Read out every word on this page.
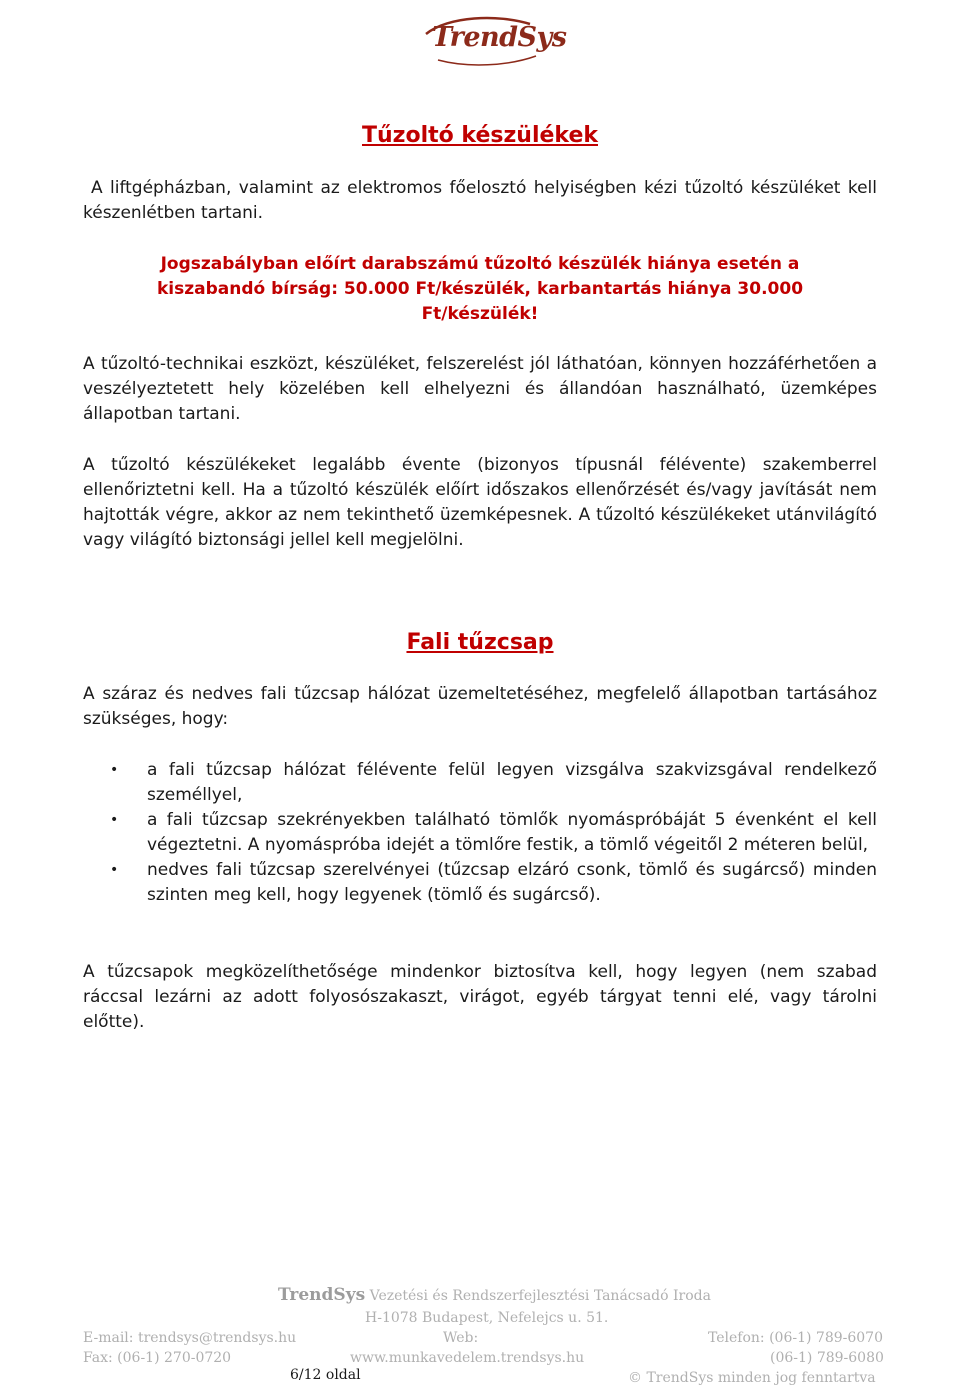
TrendSys
Tűzoltó készülékek
A liftgépházban, valamint az elektromos főelosztó helyiségben kézi tűzoltó készüléket kell készenlétben tartani.
Jogszabályban előírt darabszámú tűzoltó készülék hiánya esetén a kiszabandó bírság: 50.000 Ft/készülék, karbantartás hiánya 30.000 Ft/készülék!
A tűzoltó-technikai eszközt, készüléket, felszerelést jól láthatóan, könnyen hozzáférhetően a veszélyeztetett hely közelében kell elhelyezni és állandóan használható, üzemképes állapotban tartani.
A tűzoltó készülékeket legalább évente (bizonyos típusnál félévente) szakemberrel ellenőriztetni kell. Ha a tűzoltó készülék előírt időszakos ellenőrzését és/vagy javítását nem hajtották végre, akkor az nem tekinthető üzemképesnek. A tűzoltó készülékeket utánvilágító vagy világító biztonsági jellel kell megjelölni.
Fali tűzcsap
A száraz és nedves fali tűzcsap hálózat üzemeltetéséhez, megfelelő állapotban tartásához szükséges, hogy:
•	a fali tűzcsap hálózat félévente felül legyen vizsgálva szakvizsgával rendelkező személlyel,
•	a fali tűzcsap szekrényekben található tömlők nyomáspróbáját 5 évenként el kell végeztetni. A nyomáspróba idejét a tömlőre festik, a tömlő végeitől 2 méteren belül,
•	nedves fali tűzcsap szerelvényei (tűzcsap elzáró csonk, tömlő és sugárcső) minden szinten meg kell, hogy legyenek (tömlő és sugárcső).
A tűzcsapok megközelíthetősége mindenkor biztosítva kell, hogy legyen (nem szabad ráccsal lezárni az adott folyosószakaszt, virágot, egyéb tárgyat tenni elé, vagy tárolni előtte).
TrendSys Vezetési és Rendszerfejlesztési Tanácsadó Iroda
H-1078 Budapest, Nefelejcs u. 51.
E-mail: trendsys@trendsys.hu	Web:	Telefon: (06-1) 789-6070
Fax: (06-1) 270-0720	www.munkavedelem.trendsys.hu	(06-1) 789-6080
© TrendSys minden jog fenntartva
6/12 oldal
